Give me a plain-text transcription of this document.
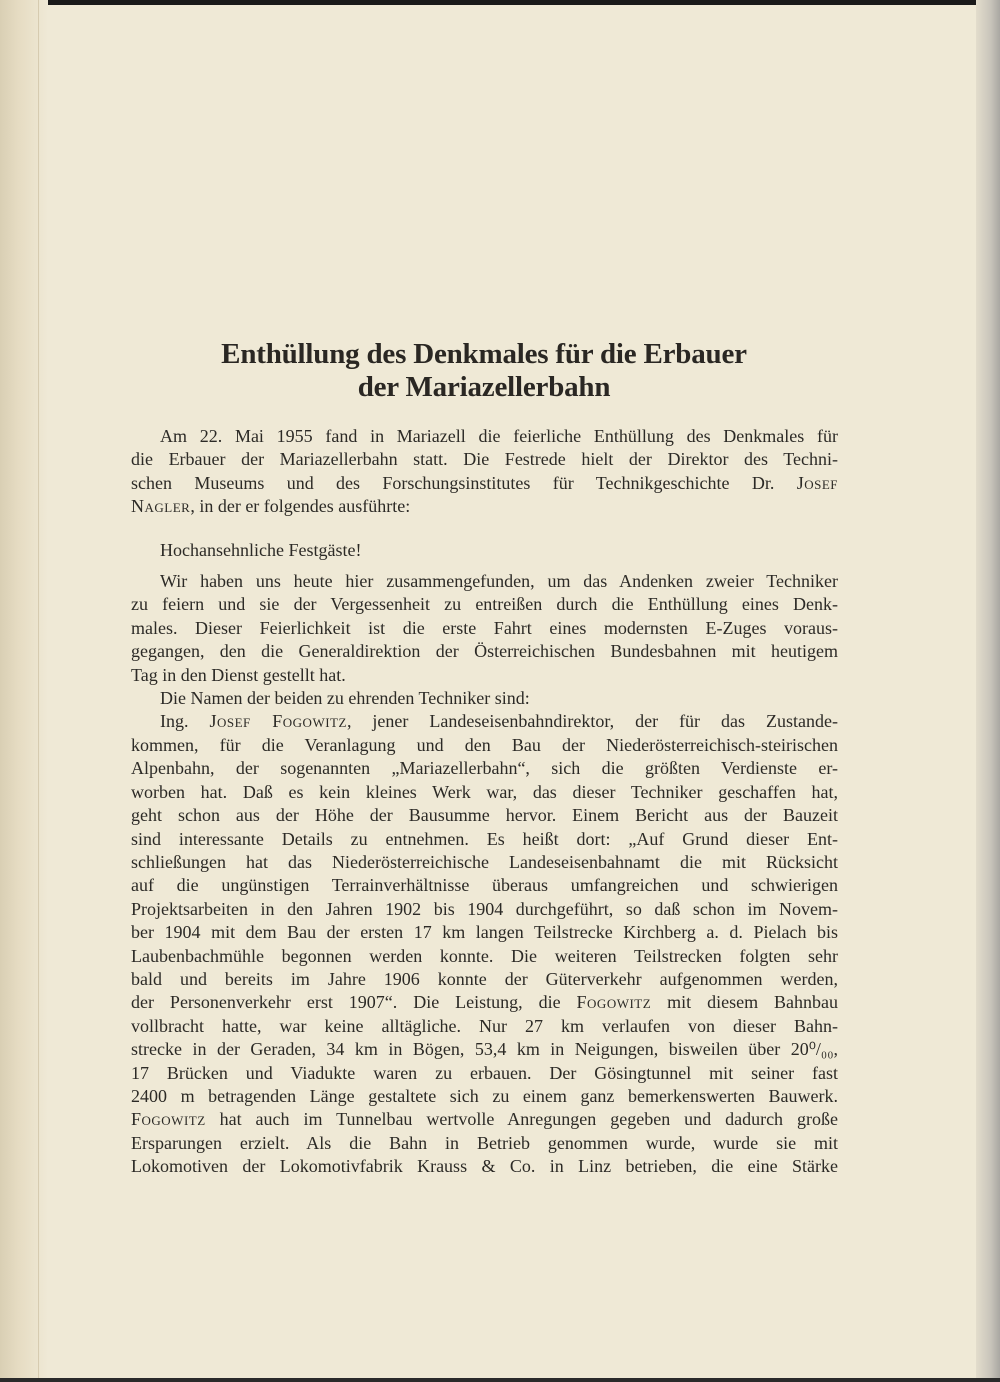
Enthüllung des Denkmales für die Erbauer
der Mariazellerbahn
Am 22. Mai 1955 fand in Mariazell die feierliche Enthüllung des Denkmales für
die Erbauer der Mariazellerbahn statt. Die Festrede hielt der Direktor des Techni-
schen Museums und des Forschungsinstitutes für Technikgeschichte Dr. Josef
Nagler, in der er folgendes ausführte:
Hochansehnliche Festgäste!
Wir haben uns heute hier zusammengefunden, um das Andenken zweier Techniker
zu feiern und sie der Vergessenheit zu entreißen durch die Enthüllung eines Denk-
males. Dieser Feierlichkeit ist die erste Fahrt eines modernsten E-Zuges voraus-
gegangen, den die Generaldirektion der Österreichischen Bundesbahnen mit heutigem
Tag in den Dienst gestellt hat.
Die Namen der beiden zu ehrenden Techniker sind:
Ing. Josef Fogowitz, jener Landeseisenbahndirektor, der für das Zustande-
kommen, für die Veranlagung und den Bau der Niederösterreichisch-steirischen
Alpenbahn, der sogenannten „Mariazellerbahn“, sich die größten Verdienste er-
worben hat. Daß es kein kleines Werk war, das dieser Techniker geschaffen hat,
geht schon aus der Höhe der Bausumme hervor. Einem Bericht aus der Bauzeit
sind interessante Details zu entnehmen. Es heißt dort: „Auf Grund dieser Ent-
schließungen hat das Niederösterreichische Landeseisenbahnamt die mit Rücksicht
auf die ungünstigen Terrainverhältnisse überaus umfangreichen und schwierigen
Projektsarbeiten in den Jahren 1902 bis 1904 durchgeführt, so daß schon im Novem-
ber 1904 mit dem Bau der ersten 17 km langen Teilstrecke Kirchberg a. d. Pielach bis
Laubenbachmühle begonnen werden konnte. Die weiteren Teilstrecken folgten sehr
bald und bereits im Jahre 1906 konnte der Güterverkehr aufgenommen werden,
der Personenverkehr erst 1907“. Die Leistung, die Fogowitz mit diesem Bahnbau
vollbracht hatte, war keine alltägliche. Nur 27 km verlaufen von dieser Bahn-
strecke in der Geraden, 34 km in Bögen, 53,4 km in Neigungen, bisweilen über 20⁰/₀₀,
17 Brücken und Viadukte waren zu erbauen. Der Gösingtunnel mit seiner fast
2400 m betragenden Länge gestaltete sich zu einem ganz bemerkenswerten Bauwerk.
Fogowitz hat auch im Tunnelbau wertvolle Anregungen gegeben und dadurch große
Ersparungen erzielt. Als die Bahn in Betrieb genommen wurde, wurde sie mit
Lokomotiven der Lokomotivfabrik Krauss & Co. in Linz betrieben, die eine Stärke
